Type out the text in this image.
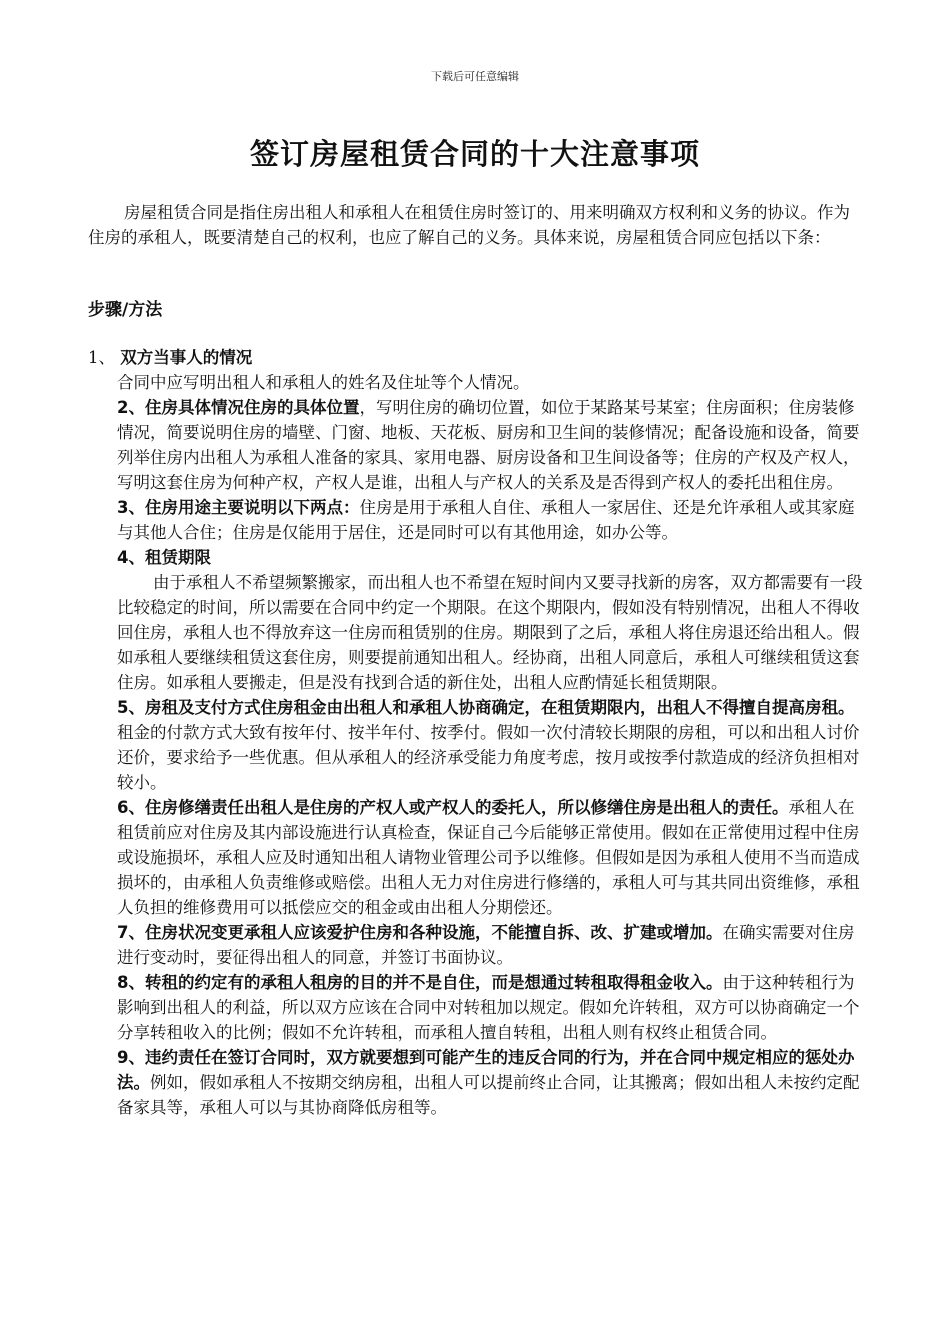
下载后可任意编辑
签订房屋租赁合同的十大注意事项
房屋租赁合同是指住房出租人和承租人在租赁住房时签订的、用来明确双方权利和义务的协议。作为住房的承租人，既要清楚自己的权利，也应了解自己的义务。具体来说，房屋租赁合同应包括以下条：
步骤/方法
1、 双方当事人的情况

合同中应写明出租人和承租人的姓名及住址等个人情况。

2、住房具体情况住房的具体位置，写明住房的确切位置，如位于某路某号某室；住房面积；住房装修情况，简要说明住房的墙壁、门窗、地板、天花板、厨房和卫生间的装修情况；配备设施和设备，简要列举住房内出租人为承租人准备的家具、家用电器、厨房设备和卫生间设备等；住房的产权及产权人，写明这套住房为何种产权，产权人是谁，出租人与产权人的关系及是否得到产权人的委托出租住房。

3、住房用途主要说明以下两点：住房是用于承租人自住、承租人一家居住、还是允许承租人或其家庭与其他人合住；住房是仅能用于居住，还是同时可以有其他用途，如办公等。

4、租赁期限

由于承租人不希望频繁搬家，而出租人也不希望在短时间内又要寻找新的房客，双方都需要有一段比较稳定的时间，所以需要在合同中约定一个期限。在这个期限内，假如没有特别情况，出租人不得收回住房，承租人也不得放弃这一住房而租赁别的住房。期限到了之后，承租人将住房退还给出租人。假如承租人要继续租赁这套住房，则要提前通知出租人。经协商，出租人同意后，承租人可继续租赁这套住房。如承租人要搬走，但是没有找到合适的新住处，出租人应酌情延长租赁期限。

5、房租及支付方式住房租金由出租人和承租人协商确定，在租赁期限内，出租人不得擅自提高房租。租金的付款方式大致有按年付、按半年付、按季付。假如一次付清较长期限的房租，可以和出租人讨价还价，要求给予一些优惠。但从承租人的经济承受能力角度考虑，按月或按季付款造成的经济负担相对较小。

6、住房修缮责任出租人是住房的产权人或产权人的委托人，所以修缮住房是出租人的责任。承租人在租赁前应对住房及其内部设施进行认真检查，保证自己今后能够正常使用。假如在正常使用过程中住房或设施损坏，承租人应及时通知出租人请物业管理公司予以维修。但假如是因为承租人使用不当而造成损坏的，由承租人负责维修或赔偿。出租人无力对住房进行修缮的，承租人可与其共同出资维修，承租人负担的维修费用可以抵偿应交的租金或由出租人分期偿还。

7、住房状况变更承租人应该爱护住房和各种设施，不能擅自拆、改、扩建或增加。在确实需要对住房进行变动时，要征得出租人的同意，并签订书面协议。

8、转租的约定有的承租人租房的目的并不是自住，而是想通过转租取得租金收入。由于这种转租行为影响到出租人的利益，所以双方应该在合同中对转租加以规定。假如允许转租，双方可以协商确定一个分享转租收入的比例；假如不允许转租，而承租人擅自转租，出租人则有权终止租赁合同。

9、违约责任在签订合同时，双方就要想到可能产生的违反合同的行为，并在合同中规定相应的惩处办法。例如，假如承租人不按期交纳房租，出租人可以提前终止合同，让其搬离；假如出租人未按约定配备家具等，承租人可以与其协商降低房租等。
